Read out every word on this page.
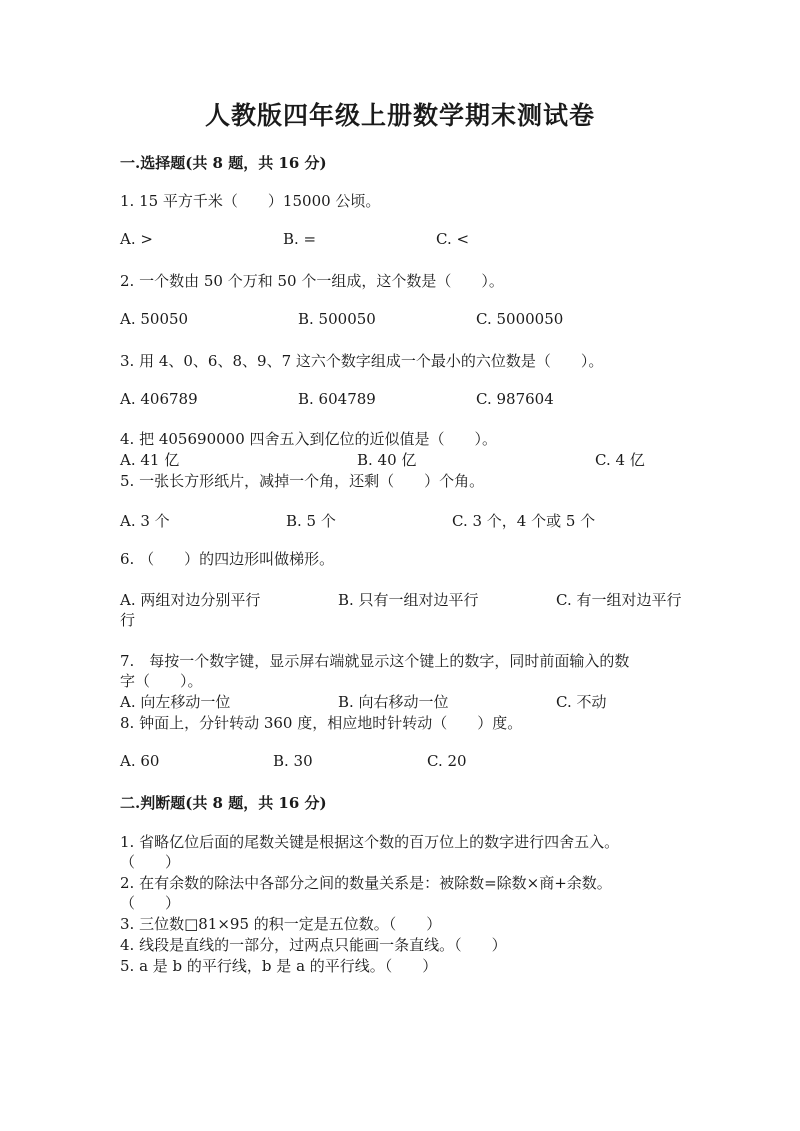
人教版四年级上册数学期末测试卷
一.选择题(共 8 题，共 16 分)
1. 15 平方千米（　　）15000 公顷。
A. >	B. =	C. <
2. 一个数由 50 个万和 50 个一组成，这个数是（　　）。
A. 50050	B. 500050	C. 5000050
3. 用 4、0、6、8、9、7 这六个数字组成一个最小的六位数是（　　）。
A. 406789	B. 604789	C. 987604
4. 把 405690000 四舍五入到亿位的近似值是（　　）。
A. 41 亿	B. 40 亿	C. 4 亿
5. 一张长方形纸片，减掉一个角，还剩（　　）个角。
A. 3 个	B. 5 个	C. 3 个，4 个或 5 个
6. （　　）的四边形叫做梯形。
A. 两组对边分别平行	B. 只有一组对边平行	C. 有一组对边平行
行
7.　每按一个数字键，显示屏右端就显示这个键上的数字，同时前面输入的数
字（　　）。
A. 向左移动一位	B. 向右移动一位	C. 不动
8. 钟面上，分针转动 360 度，相应地时针转动（　　）度。
A. 60	B. 30	C. 20
二.判断题(共 8 题，共 16 分)
1. 省略亿位后面的尾数关键是根据这个数的百万位上的数字进行四舍五入。
（　　）
2. 在有余数的除法中各部分之间的数量关系是：被除数=除数×商+余数。
（　　）
3. 三位数□81×95 的积一定是五位数。（　　）
4. 线段是直线的一部分，过两点只能画一条直线。（　　）
5. a 是 b 的平行线，b 是 a 的平行线。（　　）
